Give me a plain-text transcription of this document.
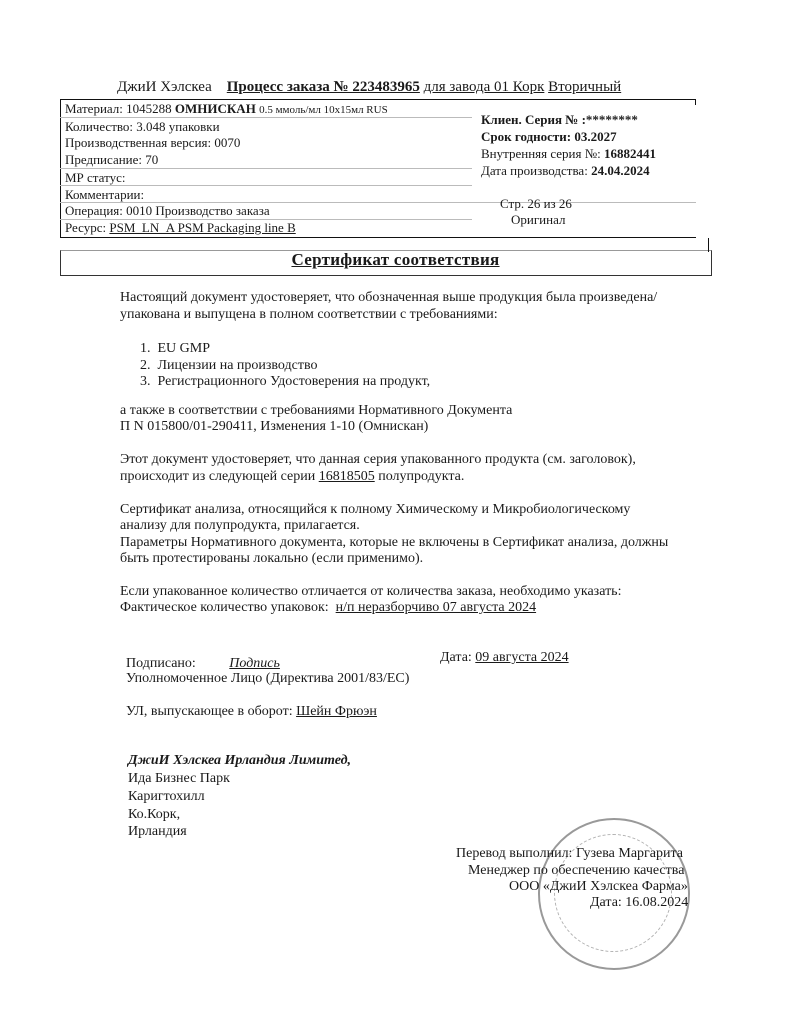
ДжиИ Хэлскеа Процесс заказа № 223483965 для завода 01 Корк Вторичный
Материал: 1045288 ОМНИСКАН 0.5 ммоль/мл 10x15мл RUS
Количество: 3.048 упаковки
Производственная версия: 0070
Предписание: 70
МР статус:
Комментарии:
Операция: 0010 Производство заказа
Ресурс: PSM_LN_A PSM Packaging line B
Клиен. Серия № :********
Срок годности: 03.2027
Внутренняя серия №: 16882441
Дата производства: 24.04.2024
Стр. 26 из 26
Оригинал
Сертификат соответствия
Настоящий документ удостоверяет, что обозначенная выше продукция была произведена/
упакована и выпущена в полном соответствии с требованиями:
1.  EU GMP
2.  Лицензии на производство
3.  Регистрационного Удостоверения на продукт,
а также в соответствии с требованиями Нормативного Документа
П N 015800/01-290411, Изменения 1-10 (Омнискан)
Этот документ удостоверяет, что данная серия упакованного продукта (см. заголовок),
происходит из следующей серии 16818505 полупродукта.
Сертификат анализа, относящийся к полному Химическому и Микробиологическому
анализу для полупродукта, прилагается.
Параметры Нормативного документа, которые не включены в Сертификат анализа, должны
быть протестированы локально (если применимо).
Если упакованное количество отличается от количества заказа, необходимо указать:
Фактическое количество упаковок: н/п неразборчиво 07 августа 2024
Подписано: Подпись	Дата: 09 августа 2024
Уполномоченное Лицо (Директива 2001/83/EC)
УЛ, выпускающее в оборот: Шейн Фрюэн
ДжиИ Хэлскеа Ирландия Лимитед,
Ида Бизнес Парк
Каригтохилл
Ко.Корк,
Ирландия
Перевод выполнил: Гузева Маргарита
Менеджер по обеспечению качества
ООО «ДжиИ Хэлскеа Фарма»
Дата: 16.08.2024
